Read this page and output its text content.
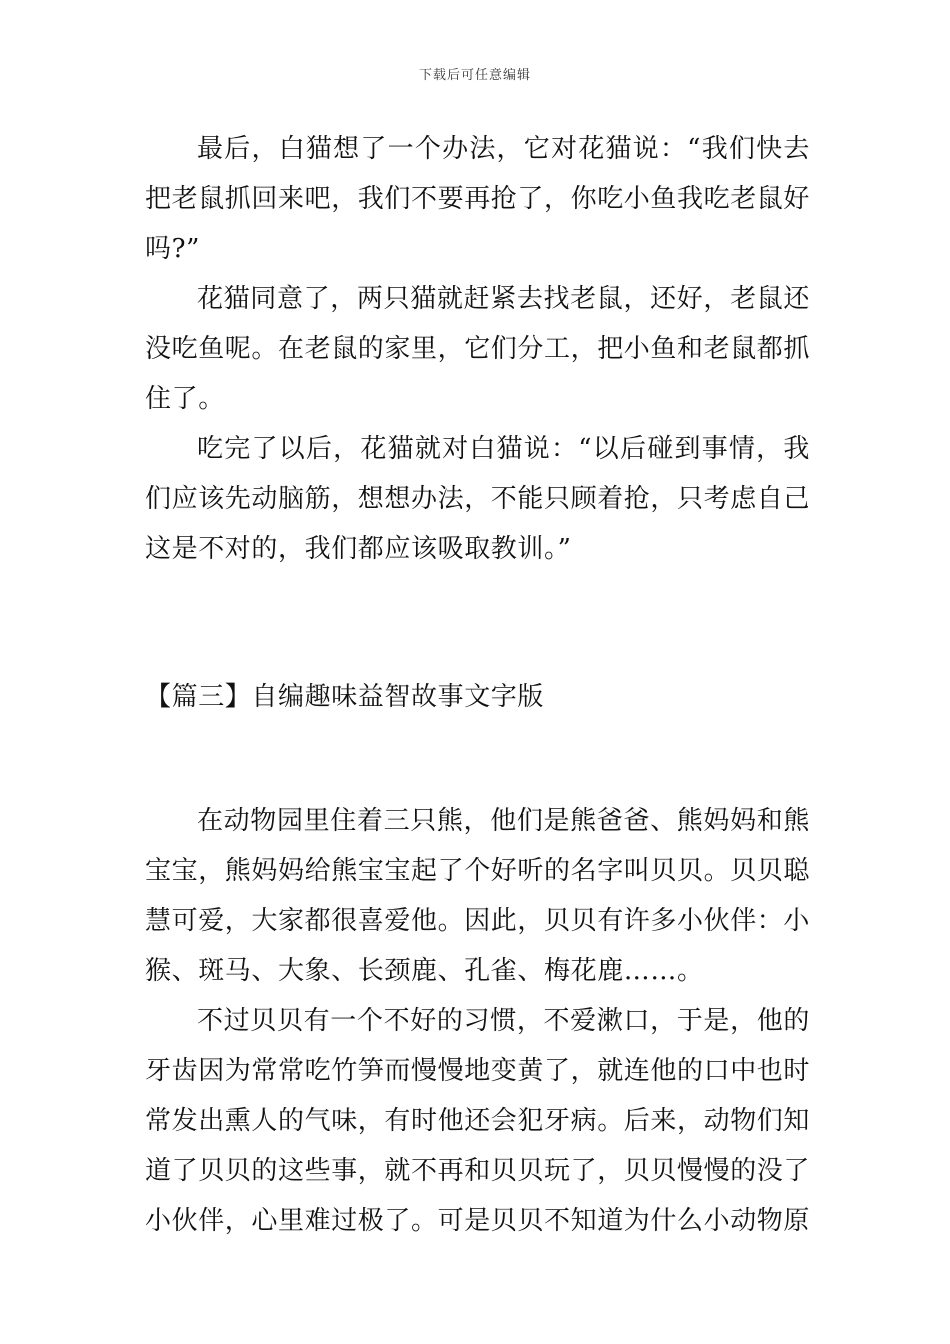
下载后可任意编辑

最后，白猫想了一个办法，它对花猫说：“我们快去把老鼠抓回来吧，我们不要再抢了，你吃小鱼我吃老鼠好吗?”

花猫同意了，两只猫就赶紧去找老鼠，还好，老鼠还没吃鱼呢。在老鼠的家里，它们分工，把小鱼和老鼠都抓住了。

吃完了以后，花猫就对白猫说：“以后碰到事情，我们应该先动脑筋，想想办法，不能只顾着抢，只考虑自己这是不对的，我们都应该吸取教训。”

【篇三】自编趣味益智故事文字版

在动物园里住着三只熊，他们是熊爸爸、熊妈妈和熊宝宝，熊妈妈给熊宝宝起了个好听的名字叫贝贝。贝贝聪慧可爱，大家都很喜爱他。因此，贝贝有许多小伙伴：小猴、斑马、大象、长颈鹿、孔雀、梅花鹿……。

不过贝贝有一个不好的习惯，不爱漱口，于是，他的牙齿因为常常吃竹笋而慢慢地变黄了，就连他的口中也时常发出熏人的气味，有时他还会犯牙病。后来，动物们知道了贝贝的这些事，就不再和贝贝玩了，贝贝慢慢的没了小伙伴，心里难过极了。可是贝贝不知道为什么小动物原
